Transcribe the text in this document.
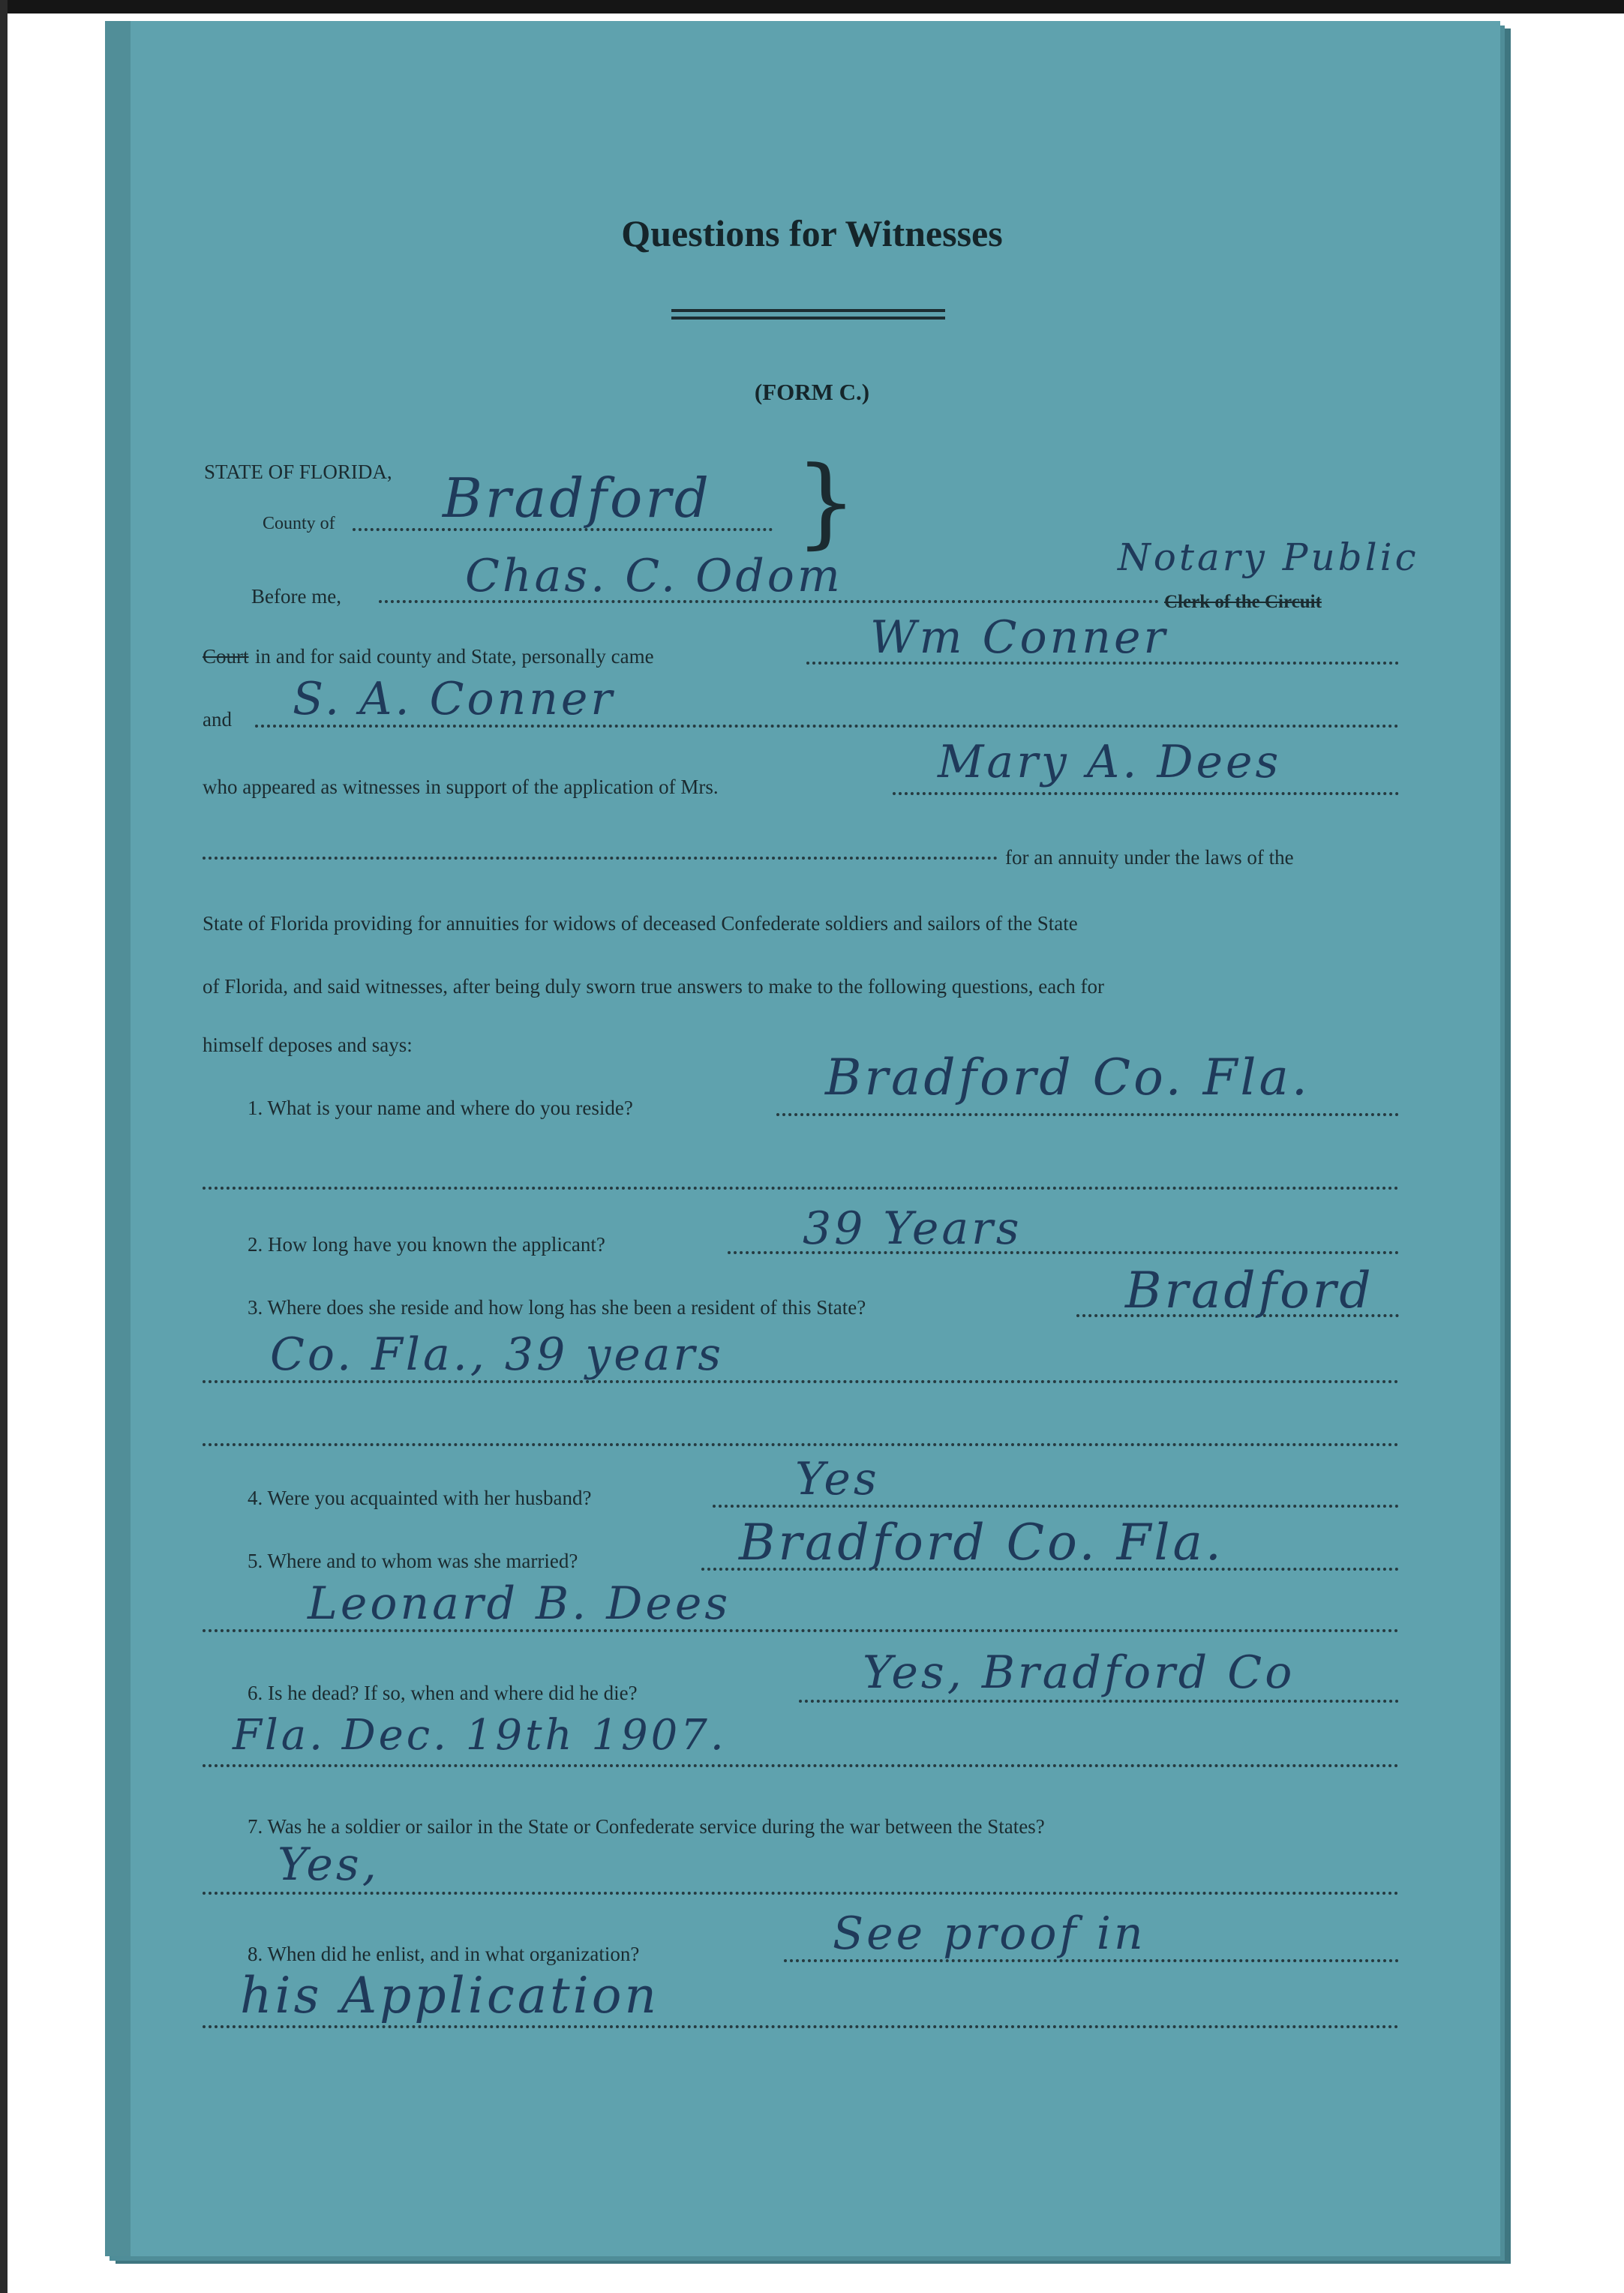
Questions for Witnesses
(FORM C.)
STATE OF FLORIDA,
County of Bradford }
Before me,	Chas. C. Odom	Notary Public
Clerk of the Circuit
Court in and for said county and State, personally came	Wm Conner
and S. A. Conner
who appeared as witnesses in support of the application of Mrs.	Mary A. Dees
for an annuity under the laws of the
State of Florida providing for annuities for widows of deceased Confederate soldiers and sailors of the State
of Florida, and said witnesses, after being duly sworn true answers to make to the following questions, each for
himself deposes and says:
1. What is your name and where do you reside?
Bradford Co. Fla.
2. How long have you known the applicant?	39 Years
3. Where does she reside and how long has she been a resident of this State?	Bradford
Co. Fla., 39 years
4. Were you acquainted with her husband?	Yes
5. Where and to whom was she married?	Bradford Co. Fla.
Leonard B. Dees
6. Is he dead? If so, when and where did he die?	Yes, Bradford Co
Fla. Dec. 19th 1907.
7. Was he a soldier or sailor in the State or Confederate service during the war between the States?
Yes,
8. When did he enlist, and in what organization?	See proof in
his Application
